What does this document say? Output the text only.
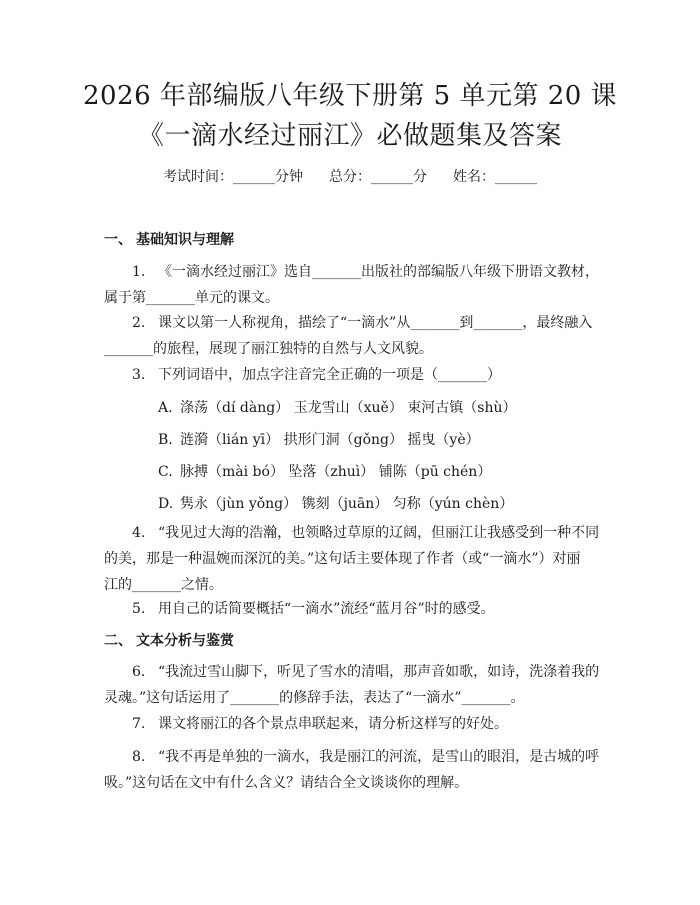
2026 年部编版八年级下册第 5 单元第 20 课
《一滴水经过丽江》必做题集及答案
考试时间：______分钟 总分：______分 姓名：______
一、 基础知识与理解
1. 《一滴水经过丽江》选自_______出版社的部编版八年级下册语文教材，
属于第_______单元的课文。
2. 课文以第一人称视角，描绘了“一滴水”从_______到_______，最终融入
_______的旅程，展现了丽江独特的自然与人文风貌。
3. 下列词语中，加点字注音完全正确的一项是（_______）
A. 涤荡（dí dàng） 玉龙雪山（xuě） 束河古镇（shù）
B. 涟漪（lián yī） 拱形门洞（gǒng） 摇曳（yè）
C. 脉搏（mài bó） 坠落（zhuì） 铺陈（pū chén）
D. 隽永（jùn yǒng） 镌刻（juān） 匀称（yún chèn）
4. “我见过大海的浩瀚，也领略过草原的辽阔，但丽江让我感受到一种不同
的美，那是一种温婉而深沉的美。”这句话主要体现了作者（或“一滴水”）对丽
江的_______之情。
5. 用自己的话简要概括“一滴水”流经“蓝月谷”时的感受。
二、 文本分析与鉴赏
6. “我流过雪山脚下，听见了雪水的清唱，那声音如歌，如诗，洗涤着我的
灵魂。”这句话运用了_______的修辞手法，表达了“一滴水”_______。
7. 课文将丽江的各个景点串联起来，请分析这样写的好处。
8. “我不再是单独的一滴水，我是丽江的河流，是雪山的眼泪，是古城的呼
吸。”这句话在文中有什么含义？请结合全文谈谈你的理解。
